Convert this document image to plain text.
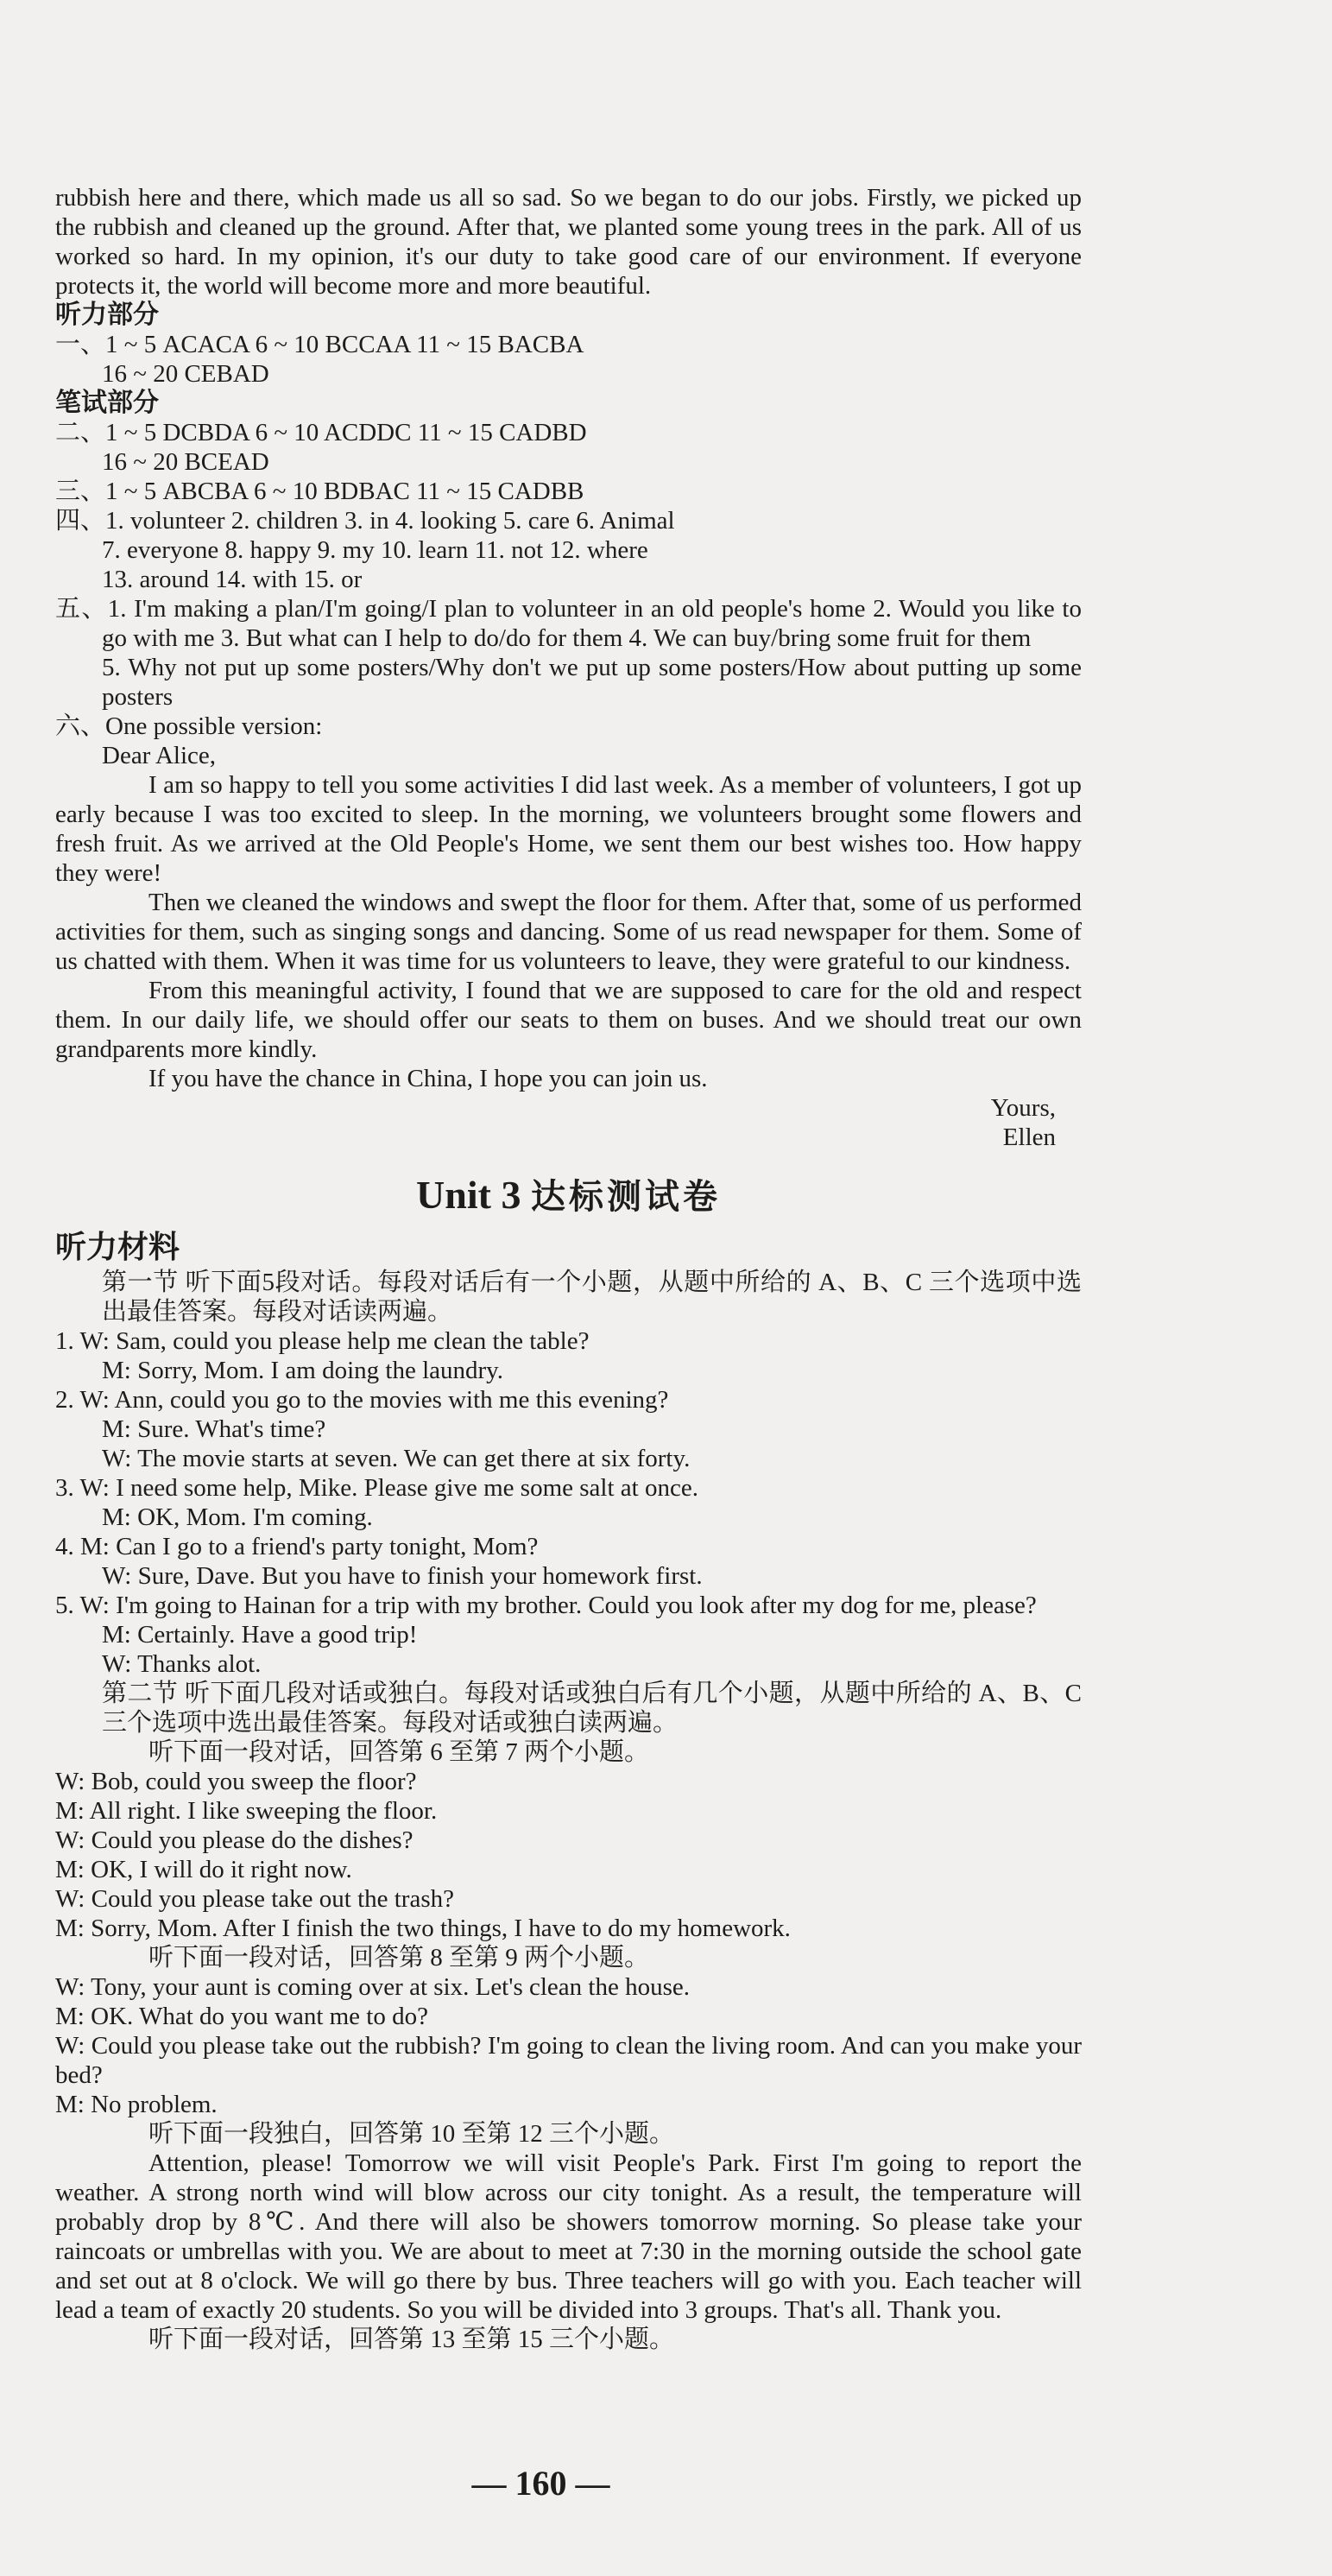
rubbish here and there, which made us all so sad. So we began to do our jobs. Firstly, we picked up the rubbish and cleaned up the ground. After that, we planted some young trees in the park. All of us worked so hard. In my opinion, it's our duty to take good care of our environment. If everyone protects it, the world will become more and more beautiful.

听力部分

一、1 ~ 5 ACACA 6 ~ 10 BCCAA 11 ~ 15 BACBA

16 ~ 20 CEBAD

笔试部分

二、1 ~ 5 DCBDA 6 ~ 10 ACDDC 11 ~ 15 CADBD

16 ~ 20 BCEAD

三、1 ~ 5 ABCBA 6 ~ 10 BDBAC 11 ~ 15 CADBB

四、1. volunteer 2. children 3. in 4. looking 5. care 6. Animal

7. everyone 8. happy 9. my 10. learn 11. not 12. where

13. around 14. with 15. or

五、1. I'm making a plan/I'm going/I plan to volunteer in an old people's home 2. Would you like to go with me 3. But what can I help to do/do for them 4. We can buy/bring some fruit for them

5. Why not put up some posters/Why don't we put up some posters/How about putting up some posters

六、One possible version:

Dear Alice,

I am so happy to tell you some activities I did last week. As a member of volunteers, I got up early because I was too excited to sleep. In the morning, we volunteers brought some flowers and fresh fruit. As we arrived at the Old People's Home, we sent them our best wishes too. How happy they were!

Then we cleaned the windows and swept the floor for them. After that, some of us performed activities for them, such as singing songs and dancing. Some of us read newspaper for them. Some of us chatted with them. When it was time for us volunteers to leave, they were grateful to our kindness.

From this meaningful activity, I found that we are supposed to care for the old and respect them. In our daily life, we should offer our seats to them on buses. And we should treat our own grandparents more kindly.

If you have the chance in China, I hope you can join us.

Yours,

Ellen

Unit 3 达标测试卷

听力材料

第一节 听下面5段对话。每段对话后有一个小题，从题中所给的 A、B、C 三个选项中选出最佳答案。每段对话读两遍。

1. W: Sam, could you please help me clean the table?

M: Sorry, Mom. I am doing the laundry.

2. W: Ann, could you go to the movies with me this evening?

M: Sure. What's time?

W: The movie starts at seven. We can get there at six forty.

3. W: I need some help, Mike. Please give me some salt at once.

M: OK, Mom. I'm coming.

4. M: Can I go to a friend's party tonight, Mom?

W: Sure, Dave. But you have to finish your homework first.

5. W: I'm going to Hainan for a trip with my brother. Could you look after my dog for me, please?

M: Certainly. Have a good trip!

W: Thanks alot.

第二节 听下面几段对话或独白。每段对话或独白后有几个小题，从题中所给的 A、B、C 三个选项中选出最佳答案。每段对话或独白读两遍。

听下面一段对话，回答第 6 至第 7 两个小题。

W: Bob, could you sweep the floor?

M: All right. I like sweeping the floor.

W: Could you please do the dishes?

M: OK, I will do it right now.

W: Could you please take out the trash?

M: Sorry, Mom. After I finish the two things, I have to do my homework.

听下面一段对话，回答第 8 至第 9 两个小题。

W: Tony, your aunt is coming over at six. Let's clean the house.

M: OK. What do you want me to do?

W: Could you please take out the rubbish? I'm going to clean the living room. And can you make your bed?

M: No problem.

听下面一段独白，回答第 10 至第 12 三个小题。

Attention, please! Tomorrow we will visit People's Park. First I'm going to report the weather. A strong north wind will blow across our city tonight. As a result, the temperature will probably drop by 8℃. And there will also be showers tomorrow morning. So please take your raincoats or umbrellas with you. We are about to meet at 7:30 in the morning outside the school gate and set out at 8 o'clock. We will go there by bus. Three teachers will go with you. Each teacher will lead a team of exactly 20 students. So you will be divided into 3 groups. That's all. Thank you.

听下面一段对话，回答第 13 至第 15 三个小题。

— 160 —
